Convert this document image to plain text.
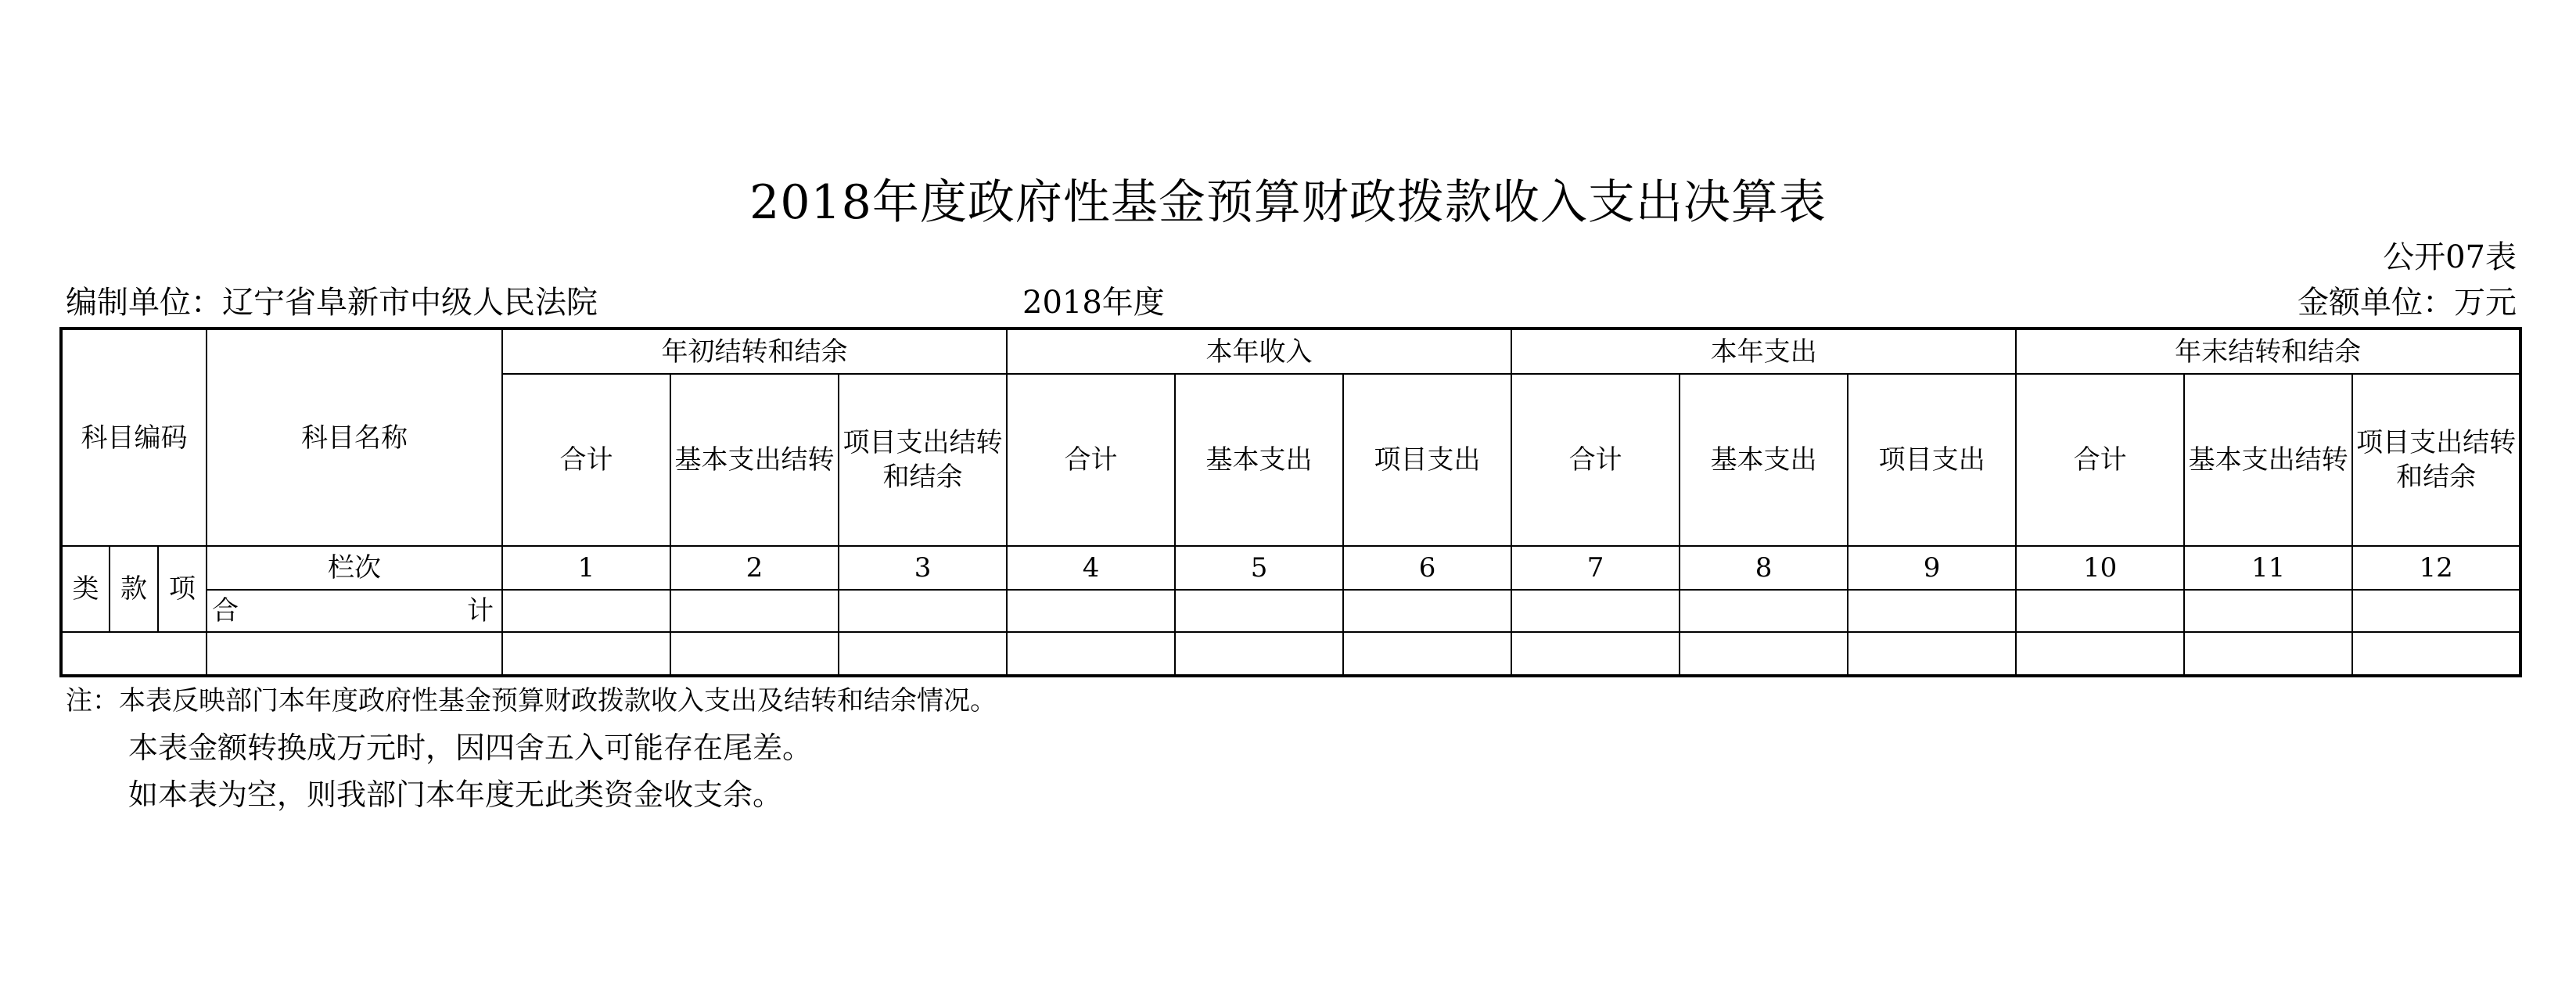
2018年度政府性基金预算财政拨款收入支出决算表
公开07表
编制单位：辽宁省阜新市中级人民法院	2018年度	金额单位：万元
科目编码			科目名称	年初结转和结余			本年收入			本年支出			年末结转和结余		
				合计	基本支出结转	项目支出结转和结余	合计	基本支出	项目支出	合计	基本支出	项目支出	合计	基本支出结转	项目支出结转和结余
类	款	项	栏次	1	2	3	4	5	6	7	8	9	10	11	12

			合 计												

注：本表反映部门本年度政府性基金预算财政拨款收入支出及结转和结余情况。
本表金额转换成万元时，因四舍五入可能存在尾差。
如本表为空，则我部门本年度无此类资金收支余。
